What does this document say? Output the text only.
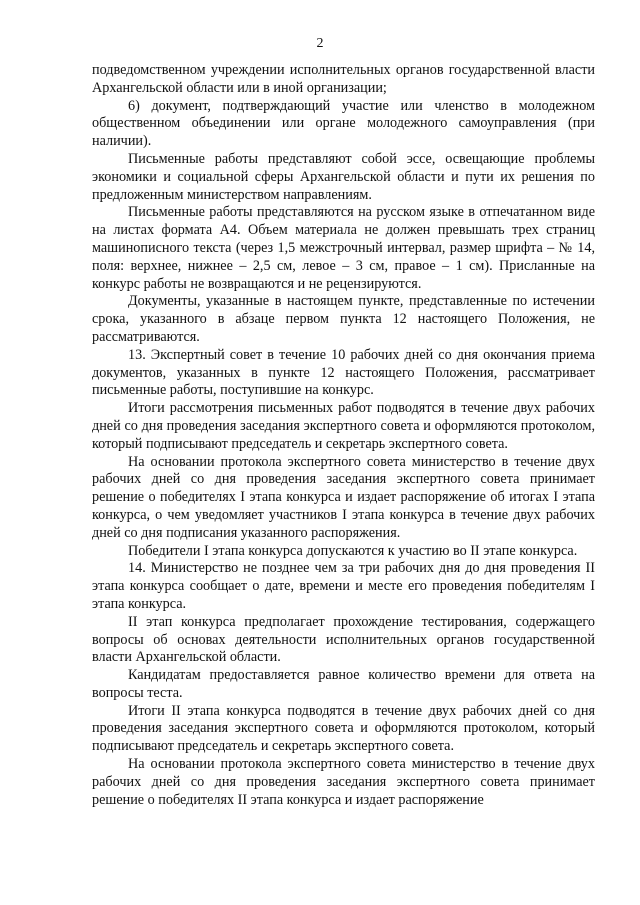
2

подведомственном учреждении исполнительных органов государственной власти Архангельской области или в иной организации;

6) документ, подтверждающий участие или членство в молодежном общественном объединении или органе молодежного самоуправления (при наличии).

Письменные работы представляют собой эссе, освещающие проблемы экономики и социальной сферы Архангельской области и пути их решения по предложенным министерством направлениям.

Письменные работы представляются на русском языке в отпечатанном виде на листах формата А4. Объем материала не должен превышать трех страниц машинописного текста (через 1,5 межстрочный интервал, размер шрифта – № 14, поля: верхнее, нижнее – 2,5 см, левое – 3 см, правое – 1 см). Присланные на конкурс работы не возвращаются и не рецензируются.

Документы, указанные в настоящем пункте, представленные по истечении срока, указанного в абзаце первом пункта 12 настоящего Положения, не рассматриваются.

13. Экспертный совет в течение 10 рабочих дней со дня окончания приема документов, указанных в пункте 12 настоящего Положения, рассматривает письменные работы, поступившие на конкурс.

Итоги рассмотрения письменных работ подводятся в течение двух рабочих дней со дня проведения заседания экспертного совета и оформляются протоколом, который подписывают председатель и секретарь экспертного совета.

На основании протокола экспертного совета министерство в течение двух рабочих дней со дня проведения заседания экспертного совета принимает решение о победителях I этапа конкурса и издает распоряжение об итогах I этапа конкурса, о чем уведомляет участников I этапа конкурса в течение двух рабочих дней со дня подписания указанного распоряжения.

Победители I этапа конкурса допускаются к участию во II этапе конкурса.

14. Министерство не позднее чем за три рабочих дня до дня проведения II этапа конкурса сообщает о дате, времени и месте его проведения победителям I этапа конкурса.

II этап конкурса предполагает прохождение тестирования, содержащего вопросы об основах деятельности исполнительных органов государственной власти Архангельской области.

Кандидатам предоставляется равное количество времени для ответа на вопросы теста.

Итоги II этапа конкурса подводятся в течение двух рабочих дней со дня проведения заседания экспертного совета и оформляются протоколом, который подписывают председатель и секретарь экспертного совета.

На основании протокола экспертного совета министерство в течение двух рабочих дней со дня проведения заседания экспертного совета принимает решение о победителях II этапа конкурса и издает распоряжение
